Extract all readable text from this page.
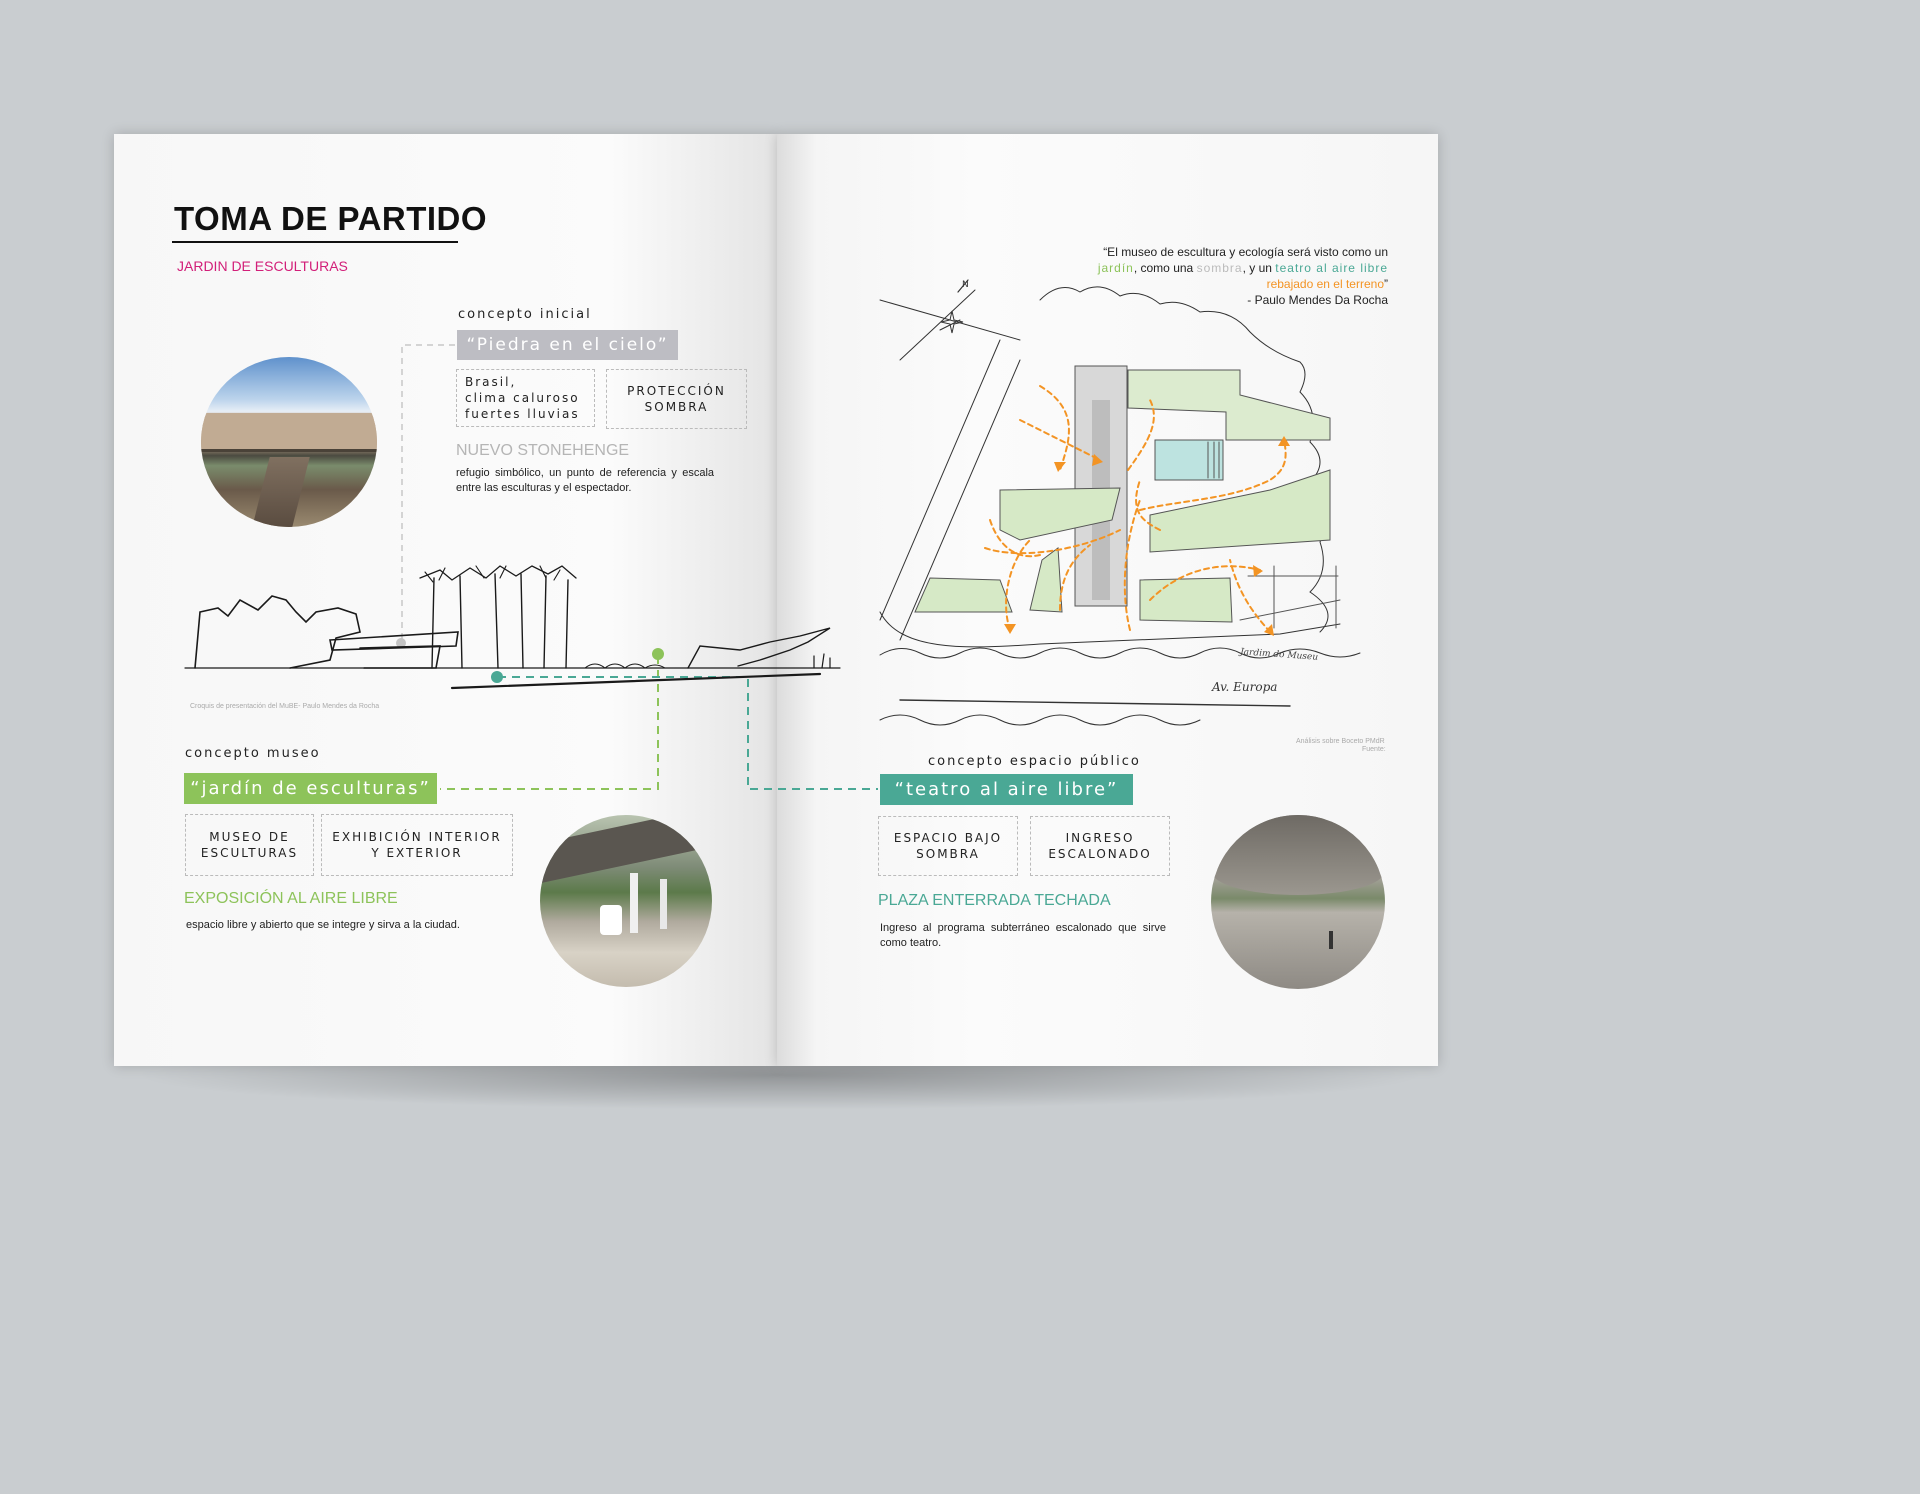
TOMA DE PARTIDO
JARDIN DE ESCULTURAS
concepto inicial
“Piedra en el cielo”
Brasil,
clima caluroso
fuertes lluvias
PROTECCIÓN
SOMBRA
NUEVO STONEHENGE
refugio simbólico, un punto de referencia y escala entre las esculturas y el espectador.
Croquis de presentación del MuBE- Paulo Mendes da Rocha
concepto museo
“jardín de esculturas”
MUSEO DE
ESCULTURAS
EXHIBICIÓN INTERIOR
Y EXTERIOR
EXPOSICIÓN AL AIRE LIBRE
espacio libre y abierto que se integre y sirva a la ciudad.
“El museo de escultura y ecología será visto como un
jardín, como una sombra, y un teatro al aire libre
rebajado en el terreno”
- Paulo Mendes Da Rocha
N
Jardim do Museu
Av. Europa
Análisis sobre Boceto PMdR
Fuente:
concepto espacio público
“teatro al aire libre”
ESPACIO BAJO
SOMBRA
INGRESO
ESCALONADO
PLAZA ENTERRADA TECHADA
Ingreso al programa subterráneo escalonado que sirve como teatro.
